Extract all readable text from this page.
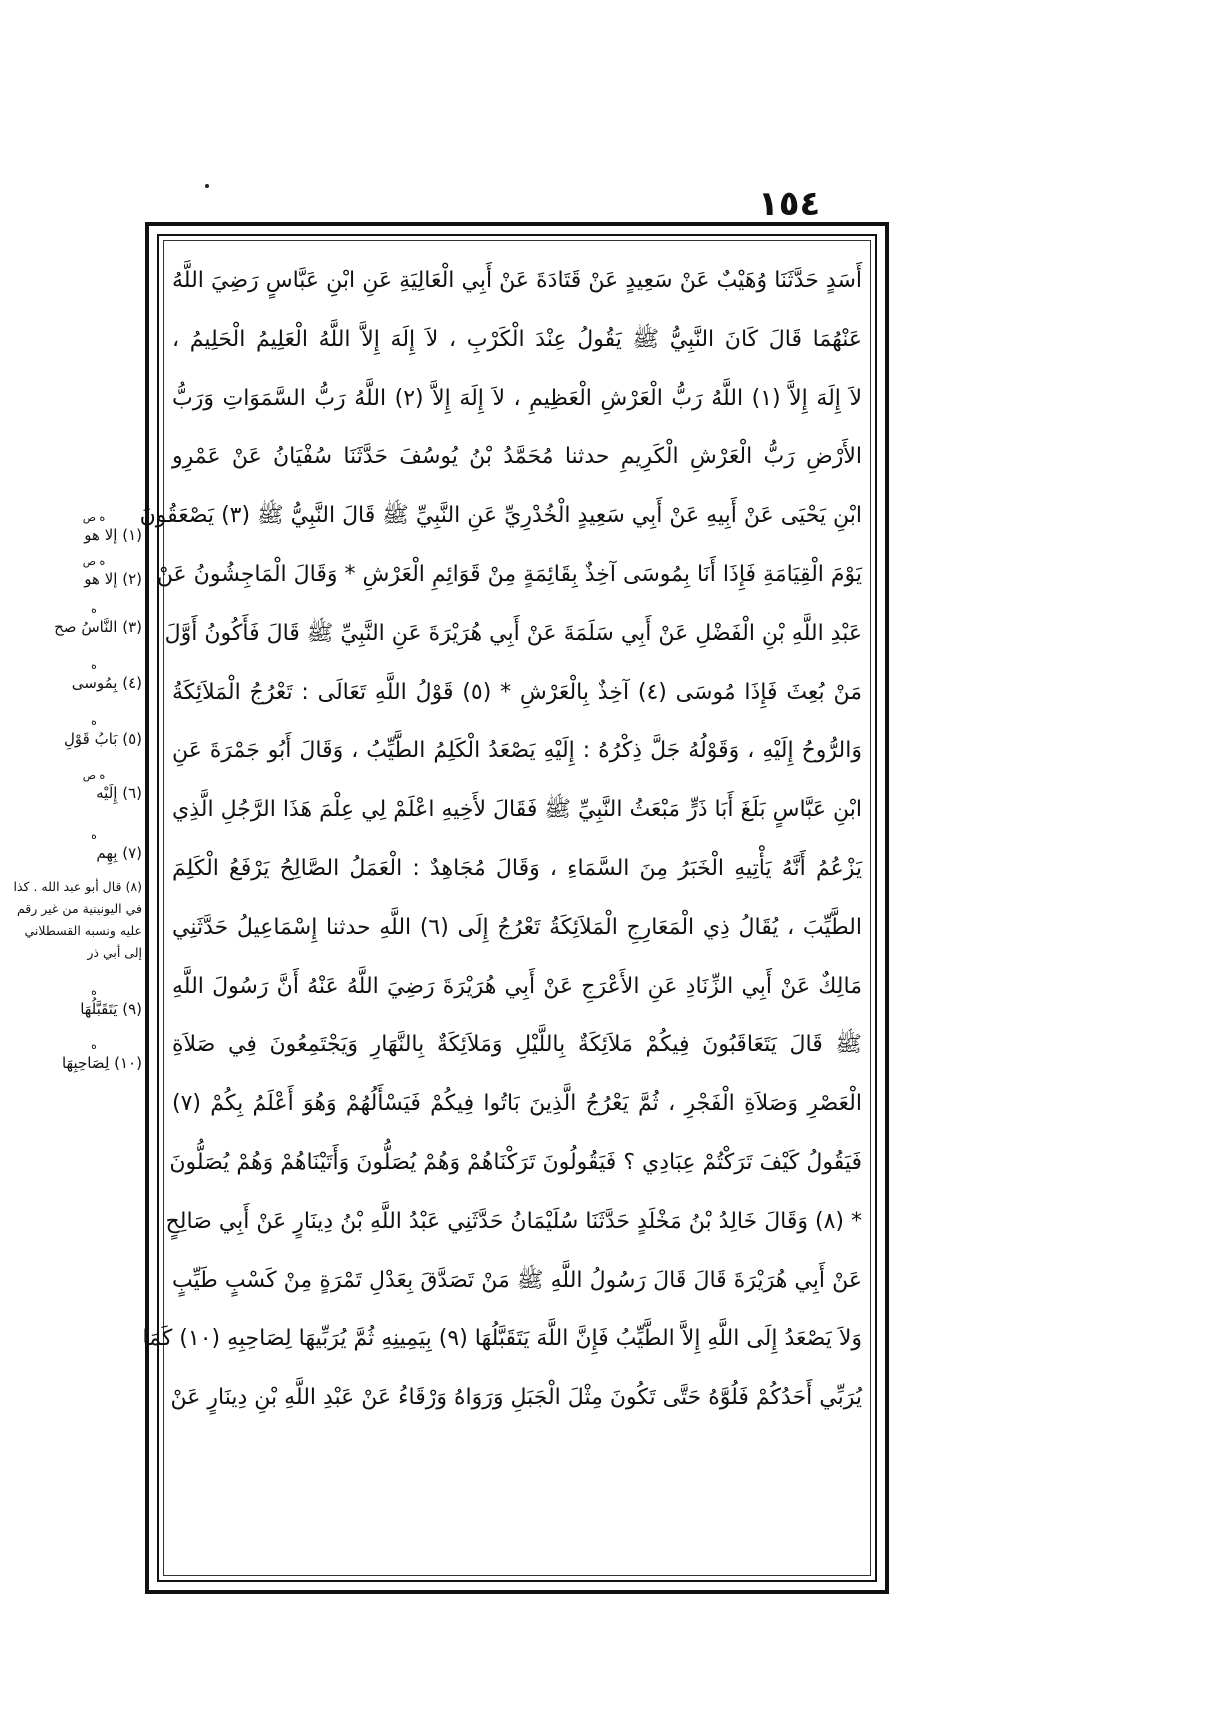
١٥٤
أَسَدٍ حَدَّثَنَا وُهَيْبٌ عَنْ سَعِيدٍ عَنْ قَتَادَةَ عَنْ أَبِي الْعَالِيَةِ عَنِ ابْنِ عَبَّاسٍ رَضِيَ اللَّهُ
عَنْهُمَا قَالَ كَانَ النَّبِيُّ ﷺ يَقُولُ عِنْدَ الْكَرْبِ ، لاَ إِلَهَ إِلاَّ اللَّهُ الْعَلِيمُ الْحَلِيمُ ،
لاَ إِلَهَ إِلاَّ (١) اللَّهُ رَبُّ الْعَرْشِ الْعَظِيمِ ، لاَ إِلَهَ إِلاَّ (٢) اللَّهُ رَبُّ السَّمَوَاتِ وَرَبُّ
الأَرْضِ رَبُّ الْعَرْشِ الْكَرِيمِ حدثنا مُحَمَّدُ بْنُ يُوسُفَ حَدَّثَنَا سُفْيَانُ عَنْ عَمْرِو
ابْنِ يَحْيَى عَنْ أَبِيهِ عَنْ أَبِي سَعِيدٍ الْخُدْرِيِّ عَنِ النَّبِيِّ ﷺ قَالَ النَّبِيُّ ﷺ (٣) يَصْعَقُونَ
يَوْمَ الْقِيَامَةِ فَإِذَا أَنَا بِمُوسَى آخِذٌ بِقَائِمَةٍ مِنْ قَوَائِمِ الْعَرْشِ * وَقَالَ الْمَاجِشُونُ عَنْ
عَبْدِ اللَّهِ بْنِ الْفَضْلِ عَنْ أَبِي سَلَمَةَ عَنْ أَبِي هُرَيْرَةَ عَنِ النَّبِيِّ ﷺ قَالَ فَأَكُونُ أَوَّلَ
مَنْ بُعِثَ فَإِذَا مُوسَى (٤) آخِذٌ بِالْعَرْشِ * (٥) قَوْلُ اللَّهِ تَعَالَى : تَعْرُجُ الْمَلاَئِكَةُ
وَالرُّوحُ إِلَيْهِ ، وَقَوْلُهُ جَلَّ ذِكْرُهُ : إِلَيْهِ يَصْعَدُ الْكَلِمُ الطَّيِّبُ ، وَقَالَ أَبُو جَمْرَةَ عَنِ
ابْنِ عَبَّاسٍ بَلَغَ أَبَا ذَرٍّ مَبْعَثُ النَّبِيِّ ﷺ فَقَالَ لأَخِيهِ اعْلَمْ لِي عِلْمَ هَذَا الرَّجُلِ الَّذِي
يَزْعُمُ أَنَّهُ يَأْتِيهِ الْخَبَرُ مِنَ السَّمَاءِ ، وَقَالَ مُجَاهِدٌ : الْعَمَلُ الصَّالِحُ يَرْفَعُ الْكَلِمَ
الطَّيِّبَ ، يُقَالُ ذِي الْمَعَارِجِ الْمَلاَئِكَةُ تَعْرُجُ إِلَى (٦) اللَّهِ حدثنا إِسْمَاعِيلُ حَدَّثَنِي
مَالِكٌ عَنْ أَبِي الزِّنَادِ عَنِ الأَعْرَجِ عَنْ أَبِي هُرَيْرَةَ رَضِيَ اللَّهُ عَنْهُ أَنَّ رَسُولَ اللَّهِ
ﷺ قَالَ يَتَعَاقَبُونَ فِيكُمْ مَلاَئِكَةٌ بِاللَّيْلِ وَمَلاَئِكَةٌ بِالنَّهَارِ وَيَجْتَمِعُونَ فِي صَلاَةِ
الْعَصْرِ وَصَلاَةِ الْفَجْرِ ، ثُمَّ يَعْرُجُ الَّذِينَ بَاتُوا فِيكُمْ فَيَسْأَلُهُمْ وَهُوَ أَعْلَمُ بِكُمْ (٧)
فَيَقُولُ كَيْفَ تَرَكْتُمْ عِبَادِي ؟ فَيَقُولُونَ تَرَكْنَاهُمْ وَهُمْ يُصَلُّونَ وَأَتَيْنَاهُمْ وَهُمْ يُصَلُّونَ
* (٨) وَقَالَ خَالِدُ بْنُ مَخْلَدٍ حَدَّثَنَا سُلَيْمَانُ حَدَّثَنِي عَبْدُ اللَّهِ بْنُ دِينَارٍ عَنْ أَبِي صَالِحٍ
عَنْ أَبِي هُرَيْرَةَ قَالَ قَالَ رَسُولُ اللَّهِ ﷺ مَنْ تَصَدَّقَ بِعَدْلِ تَمْرَةٍ مِنْ كَسْبٍ طَيِّبٍ
وَلاَ يَصْعَدُ إِلَى اللَّهِ إِلاَّ الطَّيِّبُ فَإِنَّ اللَّهَ يَتَقَبَّلُهَا (٩) بِيَمِينِهِ ثُمَّ يُرَبِّيهَا لِصَاحِبِهِ (١٠) كَمَا
يُرَبِّي أَحَدُكُمْ فَلُوَّهُ حَتَّى تَكُونَ مِثْلَ الْجَبَلِ وَرَوَاهُ وَرْقَاءُ عَنْ عَبْدِ اللَّهِ بْنِ دِينَارٍ عَنْ
ه ص
(١) إلا هو
ه ص
(٢) إلا هو
ه
(٣) النَّاسُ صح
ه
(٤) بِمُوسى
ه
(٥) بَابُ قَوْلِ
ه ص
(٦) إِلَيْه
ه
(٧) بِهِم
(٨) قال أبو عبد الله . كذا في اليونينية من غير رقم عليه ونسبه القسطلاني إلى أبي ذر
ه
(٩) يَتَقَبَّلُهَا
ه
(١٠) لِصَاحِبِهَا
